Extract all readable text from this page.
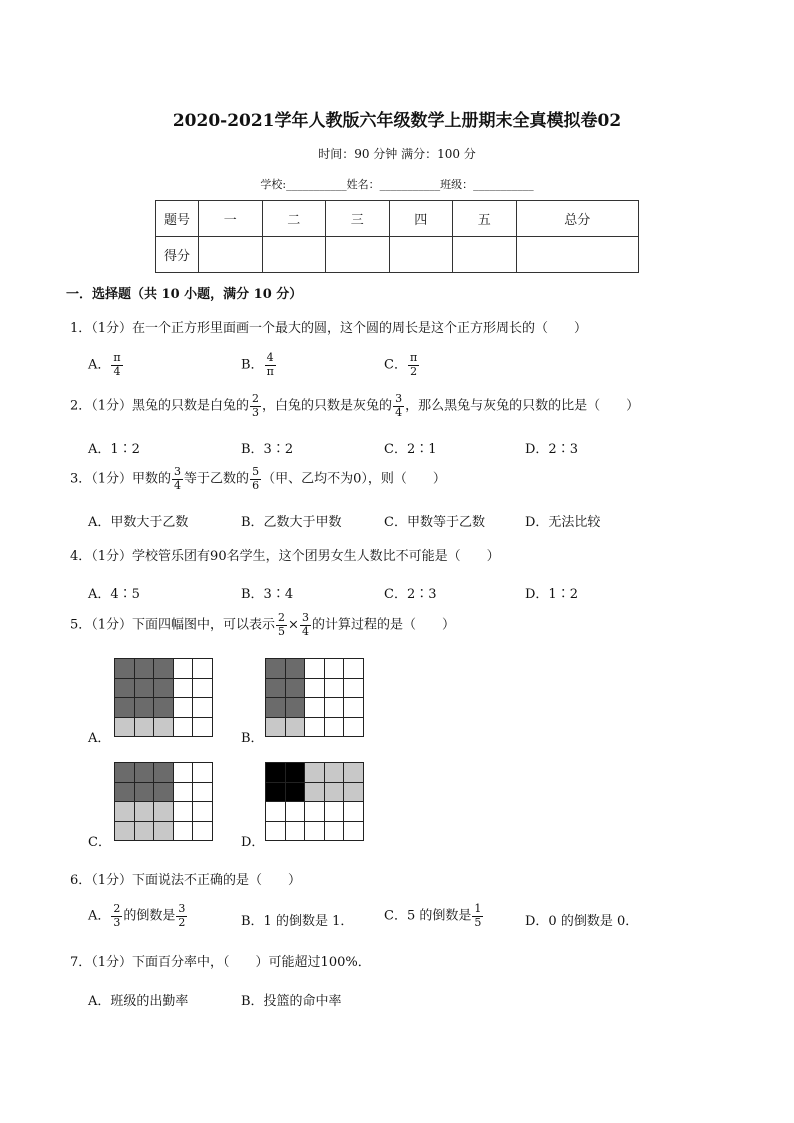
2020-2021学年人教版六年级数学上册期末全真模拟卷02
时间：90 分钟 满分：100 分
学校:___________姓名：___________班级：___________
题号	一	二	三	四	五	总分
得分						
一．选择题（共 10 小题，满分 10 分）
1．（1分）在一个正方形里面画一个最大的圆，这个圆的周长是这个正方形周长的（　　）
A． $\frac{\pi}{4}$	B． $\frac{4}{\pi}$	C． $\frac{\pi}{2}$
2．（1分）黑兔的只数是白兔的 $\frac{2}{3}$ ，白兔的只数是灰兔的 $\frac{3}{4}$ ，那么黑兔与灰兔的只数的比是（　　）
A．1∶2	B．3∶2	C．2∶1	D．2∶3
3．（1分）甲数的 $\frac{3}{4}$ 等于乙数的 $\frac{5}{6}$ （甲、乙均不为0），则（　　）
A．甲数大于乙数	B．乙数大于甲数	C．甲数等于乙数	D．无法比较
4．（1分）学校管乐团有90名学生，这个团男女生人数比不可能是（　　）
A．4∶5	B．3∶4	C．2∶3	D．1∶2
5．（1分）下面四幅图中，可以表示 $\frac{2}{5} \times \frac{3}{4}$ 的计算过程的是（　　）
A．	B．
C．	D．
6．（1分）下面说法不正确的是（　　）
A． $\frac{2}{3}$ 的倒数是 $\frac{3}{2}$	B．1 的倒数是 1． C．5 的倒数是 $\frac{1}{5}$	D．0 的倒数是 0．
7．（1分）下面百分率中，（　　）可能超过100%．
A．班级的出勤率	B．投篮的命中率
